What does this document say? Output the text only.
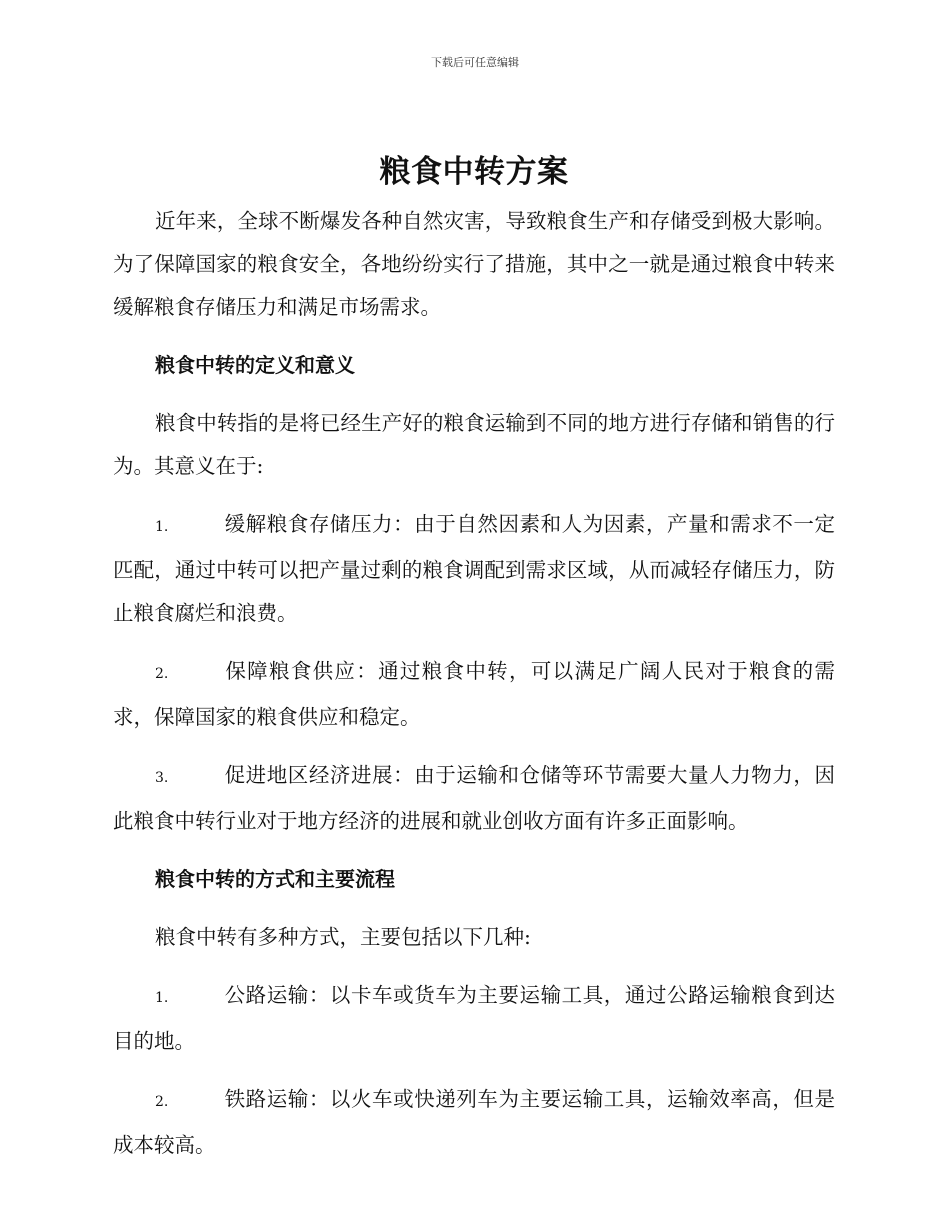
下载后可任意编辑
粮食中转方案

近年来，全球不断爆发各种自然灾害，导致粮食生产和存储受到极大影响。为了保障国家的粮食安全，各地纷纷实行了措施，其中之一就是通过粮食中转来缓解粮食存储压力和满足市场需求。

粮食中转的定义和意义

粮食中转指的是将已经生产好的粮食运输到不同的地方进行存储和销售的行为。其意义在于:

1.	缓解粮食存储压力：由于自然因素和人为因素，产量和需求不一定匹配，通过中转可以把产量过剩的粮食调配到需求区域，从而减轻存储压力，防止粮食腐烂和浪费。

2.	保障粮食供应：通过粮食中转，可以满足广阔人民对于粮食的需求，保障国家的粮食供应和稳定。

3.	促进地区经济进展：由于运输和仓储等环节需要大量人力物力，因此粮食中转行业对于地方经济的进展和就业创收方面有许多正面影响。

粮食中转的方式和主要流程

粮食中转有多种方式，主要包括以下几种:

1.	公路运输：以卡车或货车为主要运输工具，通过公路运输粮食到达目的地。

2.	铁路运输：以火车或快递列车为主要运输工具，运输效率高，但是成本较高。
